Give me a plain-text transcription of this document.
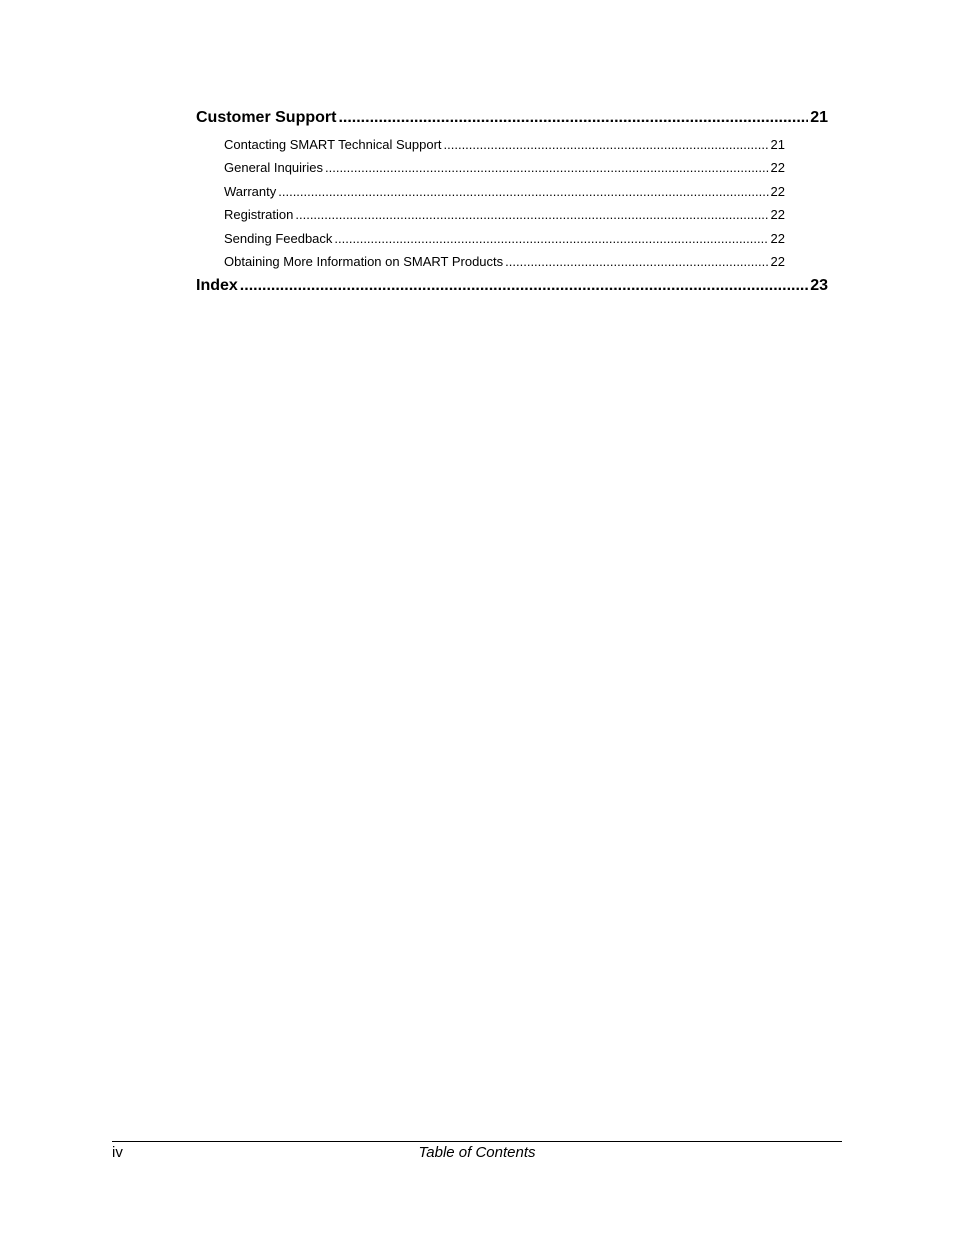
Customer Support .....	21
Contacting SMART Technical Support .....	21
General Inquiries .....	22
Warranty .....	22
Registration .....	22
Sending Feedback .....	22
Obtaining More Information on SMART Products .....	22
Index .....	23
iv	Table of Contents
